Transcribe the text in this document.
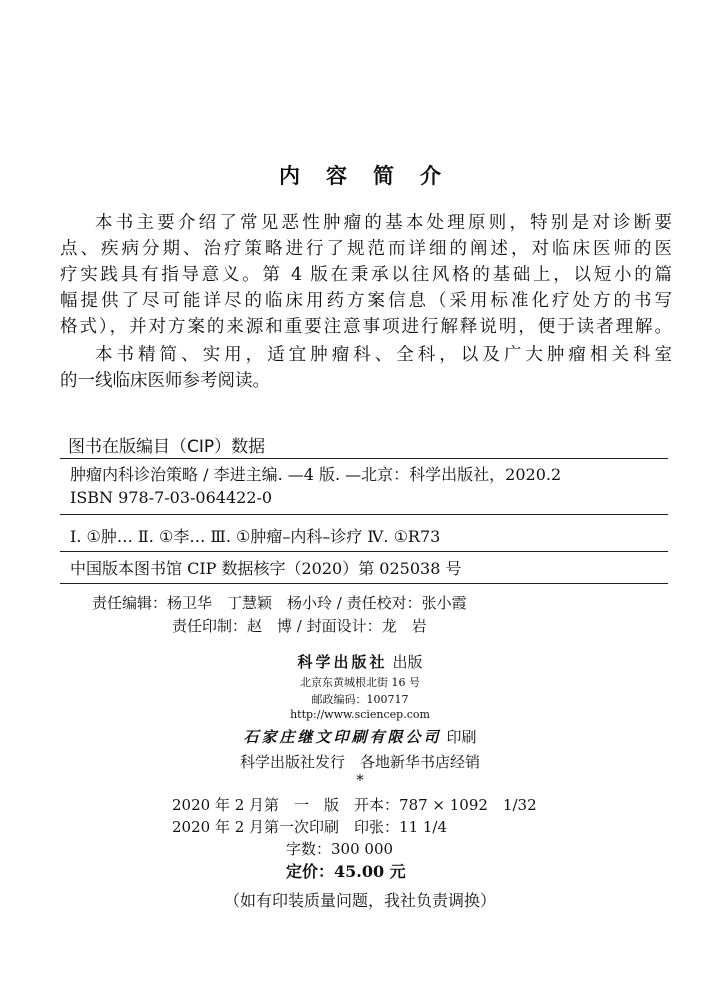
内容简介
本书主要介绍了常见恶性肿瘤的基本处理原则，特别是对诊断要
点、疾病分期、治疗策略进行了规范而详细的阐述，对临床医师的医
疗实践具有指导意义。第 4 版在秉承以往风格的基础上，以短小的篇
幅提供了尽可能详尽的临床用药方案信息（采用标准化疗处方的书写
格式），并对方案的来源和重要注意事项进行解释说明，便于读者理解。
本书精简、实用，适宜肿瘤科、全科，以及广大肿瘤相关科室
的一线临床医师参考阅读。
图书在版编目（CIP）数据
肿瘤内科诊治策略 / 李进主编. —4 版. —北京：科学出版社，2020.2
ISBN 978-7-03-064422-0
Ⅰ. ①肿… Ⅱ. ①李… Ⅲ. ①肿瘤–内科–诊疗 Ⅳ. ①R73
中国版本图书馆 CIP 数据核字（2020）第 025038 号
责任编辑：杨卫华　丁慧颖　杨小玲 / 责任校对：张小霞
责任印制：赵　博 / 封面设计：龙　岩
科学出版社 出版
北京东黄城根北街 16 号
邮政编码：100717
http://www.sciencep.com
石家庄继文印刷有限公司 印刷
科学出版社发行　各地新华书店经销
*
2020 年 2 月第　一　版　开本：787 × 1092　1/32
2020 年 2 月第一次印刷　印张：11 1/4
字数：300 000
定价：45.00 元
（如有印装质量问题，我社负责调换）
